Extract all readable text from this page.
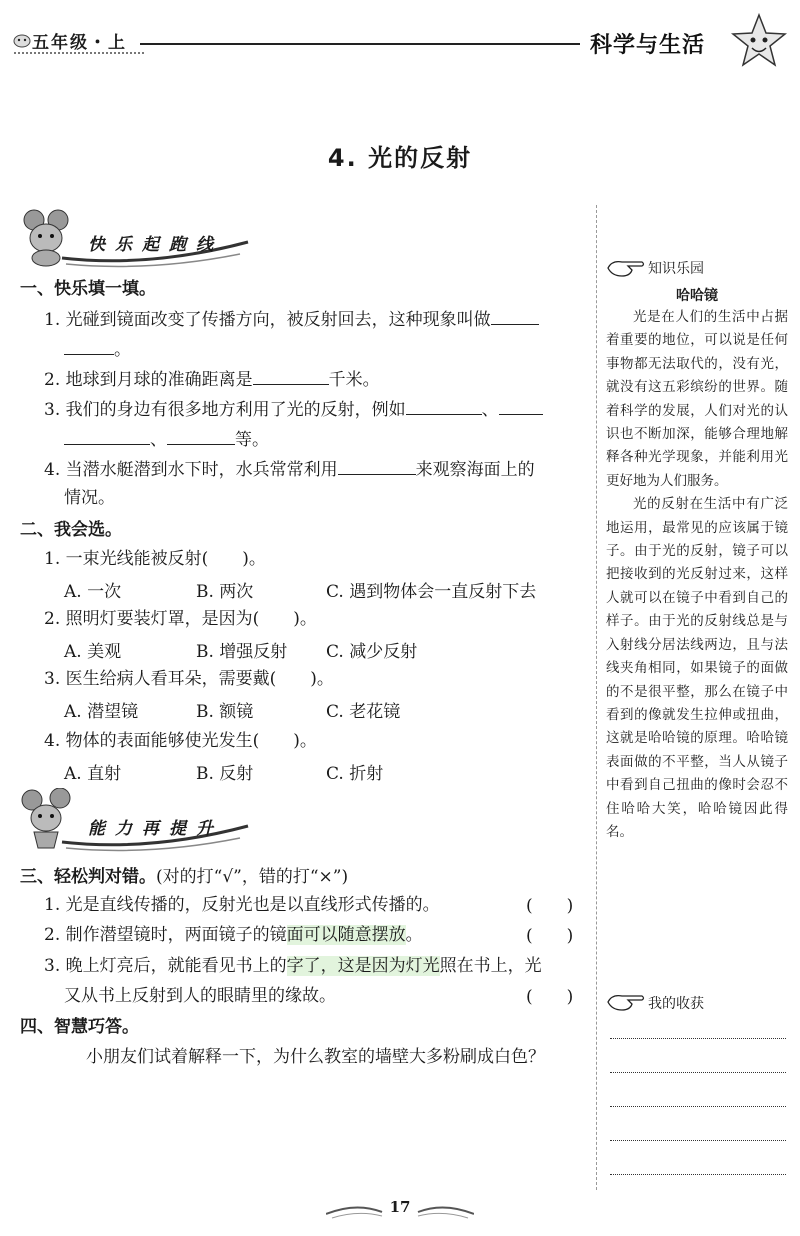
五年级・上	科学与生活
4. 光的反射
快乐起跑线
一、快乐填一填。
1. 光碰到镜面改变了传播方向，被反射回去，这种现象叫做
。
2. 地球到月球的准确距离是	千米。
3. 我们的身边有很多地方利用了光的反射，例如	、
、	等。
4. 当潜水艇潜到水下时，水兵常常利用	来观察海面上的
情况。
二、我会选。
1. 一束光线能被反射(　　)。
A. 一次	B. 两次	C. 遇到物体会一直反射下去
2. 照明灯要装灯罩，是因为(　　)。
A. 美观	B. 增强反射 C. 减少反射
3. 医生给病人看耳朵，需要戴(　　)。
A. 潜望镜	B. 额镜	C. 老花镜
4. 物体的表面能够使光发生(　　)。
A. 直射	B. 反射	C. 折射
能力再提升
三、轻松判对错。(对的打“√”，错的打“×”)
1. 光是直线传播的，反射光也是以直线形式传播的。	(　　)
2. 制作潜望镜时，两面镜子的镜面可以随意摆放。	(　　)
3. 晚上灯亮后，就能看见书上的字了，这是因为灯光照在书上，光
又从书上反射到人的眼睛里的缘故。	(　　)
四、智慧巧答。
小朋友们试着解释一下，为什么教室的墙壁大多粉刷成白色？
知识乐园
哈哈镜

光是在人们的生活中占据着重要的地位，可以说是任何事物都无法取代的，没有光，就没有这五彩缤纷的世界。随着科学的发展，人们对光的认识也不断加深，能够合理地解释各种光学现象，并能利用光更好地为人们服务。

光的反射在生活中有广泛地运用，最常见的应该属于镜子。由于光的反射，镜子可以把接收到的光反射过来，这样人就可以在镜子中看到自己的样子。由于光的反射线总是与入射线分居法线两边，且与法线夹角相同，如果镜子的面做的不是很平整，那么在镜子中看到的像就发生拉伸或扭曲，这就是哈哈镜的原理。哈哈镜表面做的不平整，当人从镜子中看到自己扭曲的像时会忍不住哈哈大笑，哈哈镜因此得名。

我的收获
17
